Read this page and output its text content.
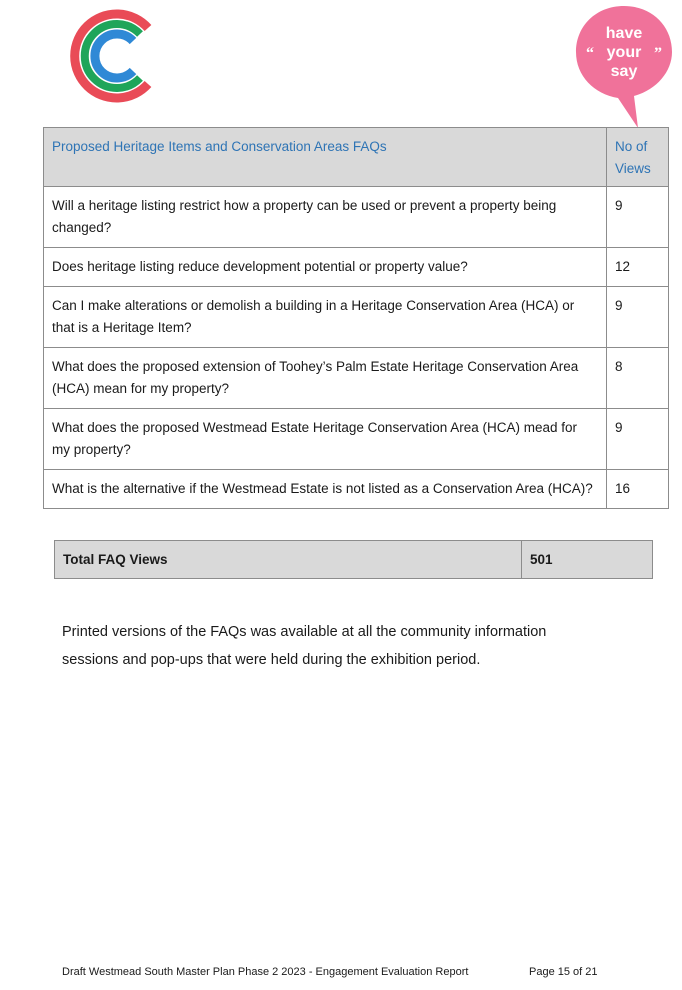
have
your
say
“	”
Proposed Heritage Items and Conservation Areas FAQs	No of Views
Will a heritage listing restrict how a property can be used or prevent a property being changed?	9
Does heritage listing reduce development potential or property value?	12
Can I make alterations or demolish a building in a Heritage Conservation Area (HCA) or that is a Heritage Item?	9
What does the proposed extension of Toohey’s Palm Estate Heritage Conservation Area (HCA) mean for my property?	8
What does the proposed Westmead Estate Heritage Conservation Area (HCA) mead for my property?	9
What is the alternative if the Westmead Estate is not listed as a Conservation Area (HCA)?	16
Total FAQ Views	501
Printed versions of the FAQs was available at all the community information sessions and pop-ups that were held during the exhibition period.
Draft Westmead South Master Plan Phase 2 2023 - Engagement Evaluation Report	Page 15 of 21
